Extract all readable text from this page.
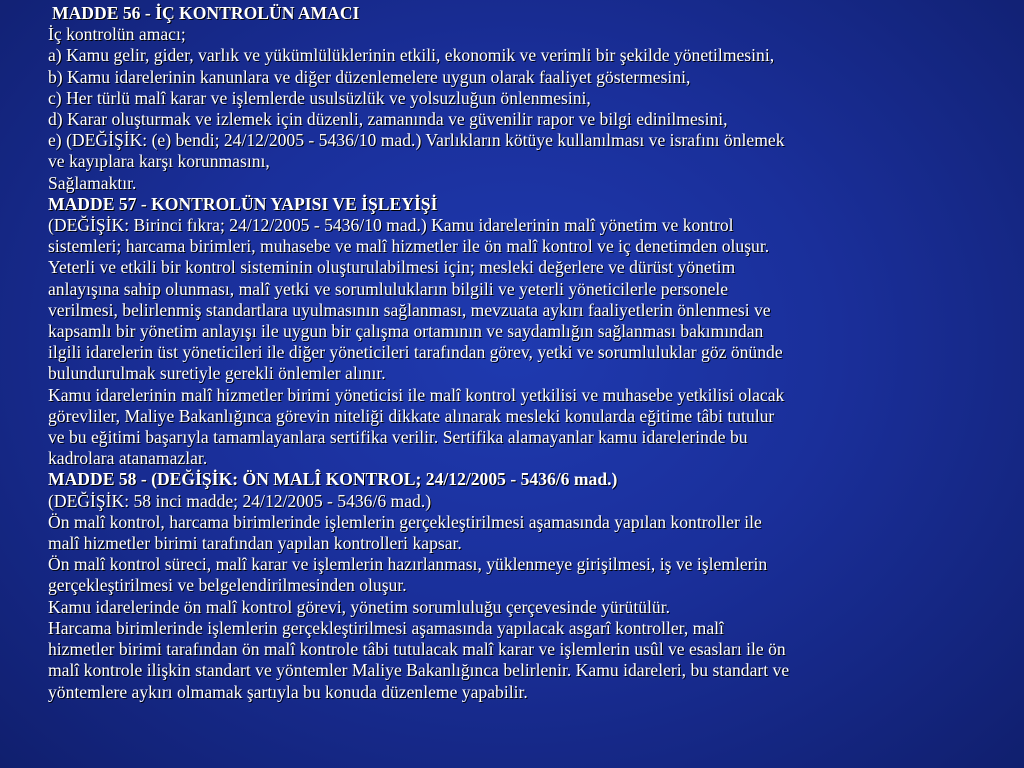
MADDE 56 - İÇ KONTROLÜN AMACI
İç kontrolün amacı;
a) Kamu gelir, gider, varlık ve yükümlülüklerinin etkili, ekonomik ve verimli bir şekilde yönetilmesini,
b) Kamu idarelerinin kanunlara ve diğer düzenlemelere uygun olarak faaliyet göstermesini,
c) Her türlü malî karar ve işlemlerde usulsüzlük ve yolsuzluğun önlenmesini,
d) Karar oluşturmak ve izlemek için düzenli, zamanında ve güvenilir rapor ve bilgi edinilmesini,
e) (DEĞİŞİK: (e) bendi; 24/12/2005 - 5436/10 mad.) Varlıkların kötüye kullanılması ve israfını önlemek
ve kayıplara karşı korunmasını,
Sağlamaktır.
MADDE 57 - KONTROLÜN YAPISI VE İŞLEYİŞİ
(DEĞİŞİK: Birinci fıkra; 24/12/2005 - 5436/10 mad.) Kamu idarelerinin malî yönetim ve kontrol
sistemleri; harcama birimleri, muhasebe ve malî hizmetler ile ön malî kontrol ve iç denetimden oluşur.
Yeterli ve etkili bir kontrol sisteminin oluşturulabilmesi için; mesleki değerlere ve dürüst yönetim
anlayışına sahip olunması, malî yetki ve sorumlulukların bilgili ve yeterli yöneticilerle personele
verilmesi, belirlenmiş standartlara uyulmasının sağlanması, mevzuata aykırı faaliyetlerin önlenmesi ve
kapsamlı bir yönetim anlayışı ile uygun bir çalışma ortamının ve saydamlığın sağlanması bakımından
ilgili idarelerin üst yöneticileri ile diğer yöneticileri tarafından görev, yetki ve sorumluluklar göz önünde
bulundurulmak suretiyle gerekli önlemler alınır.
Kamu idarelerinin malî hizmetler birimi yöneticisi ile malî kontrol yetkilisi ve muhasebe yetkilisi olacak
görevliler, Maliye Bakanlığınca görevin niteliği dikkate alınarak mesleki konularda eğitime tâbi tutulur
ve bu eğitimi başarıyla tamamlayanlara sertifika verilir. Sertifika alamayanlar kamu idarelerinde bu
kadrolara atanamazlar.
MADDE 58 - (DEĞİŞİK: ÖN MALÎ KONTROL; 24/12/2005 - 5436/6 mad.)
(DEĞİŞİK: 58 inci madde; 24/12/2005 - 5436/6 mad.)
Ön malî kontrol, harcama birimlerinde işlemlerin gerçekleştirilmesi aşamasında yapılan kontroller ile
malî hizmetler birimi tarafından yapılan kontrolleri kapsar.
Ön malî kontrol süreci, malî karar ve işlemlerin hazırlanması, yüklenmeye girişilmesi, iş ve işlemlerin
gerçekleştirilmesi ve belgelendirilmesinden oluşur.
Kamu idarelerinde ön malî kontrol görevi, yönetim sorumluluğu çerçevesinde yürütülür.
Harcama birimlerinde işlemlerin gerçekleştirilmesi aşamasında yapılacak asgarî kontroller, malî
hizmetler birimi tarafından ön malî kontrole tâbi tutulacak malî karar ve işlemlerin usûl ve esasları ile ön
malî kontrole ilişkin standart ve yöntemler Maliye Bakanlığınca belirlenir. Kamu idareleri, bu standart ve
yöntemlere aykırı olmamak şartıyla bu konuda düzenleme yapabilir.
